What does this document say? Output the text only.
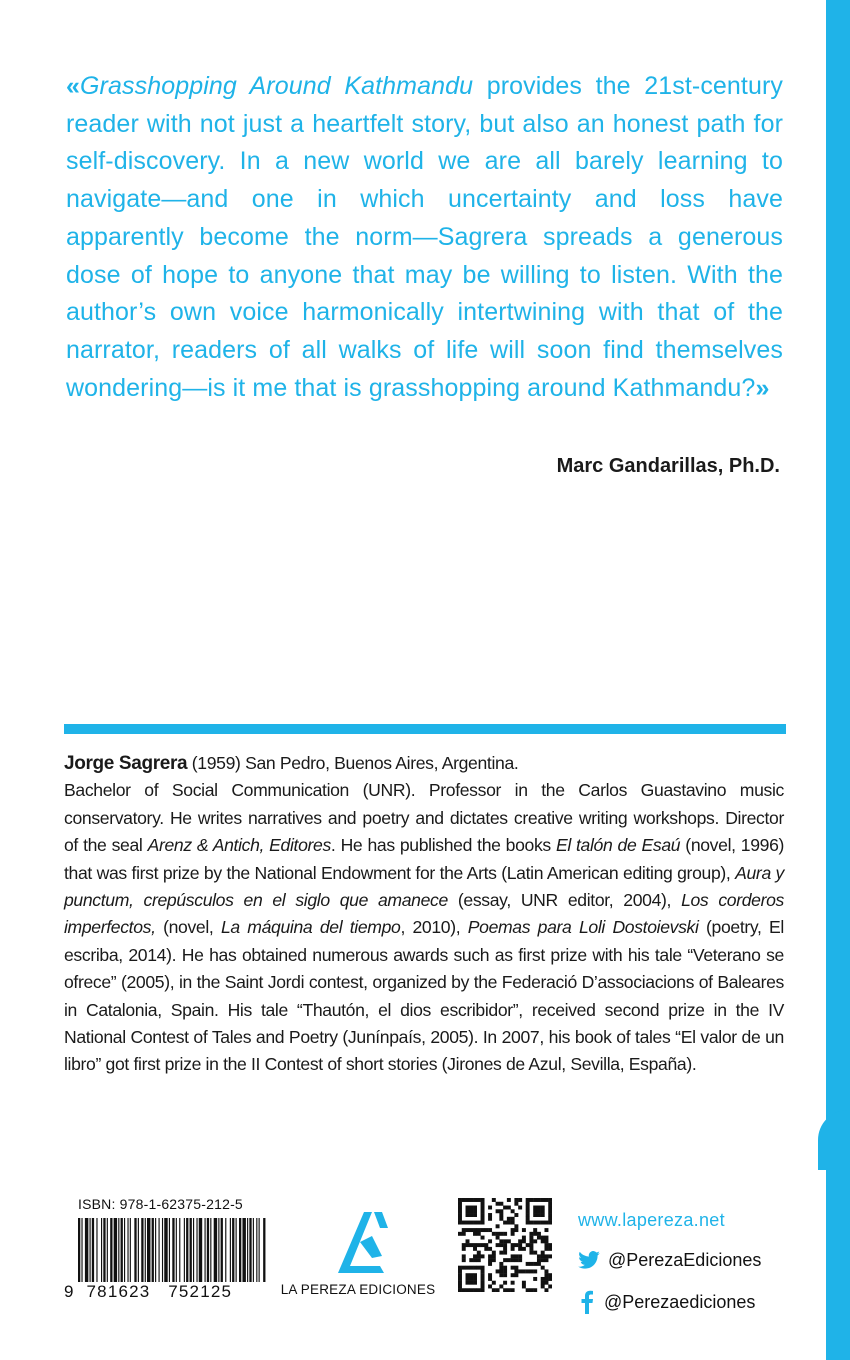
«Grasshopping Around Kathmandu provides the 21st-century reader with not just a heartfelt story, but also an honest path for self-discovery. In a new world we are all barely learning to navigate—and one in which uncertainty and loss have apparently become the norm—Sagrera spreads a generous dose of hope to anyone that may be willing to listen. With the author’s own voice harmonically intertwining with that of the narrator, readers of all walks of life will soon find themselves wondering—is it me that is grasshopping around Kathmandu?»
Marc Gandarillas, Ph.D.

Jorge Sagrera (1959) San Pedro, Buenos Aires, Argentina.

Bachelor of Social Communication (UNR). Professor in the Carlos Guastavino music conservatory. He writes narratives and poetry and dictates creative writing workshops. Director of the seal Arenz & Antich, Editores. He has published the books El talón de Esaú (novel, 1996) that was first prize by the National Endowment for the Arts (Latin American editing group), Aura y punctum, crepúsculos en el siglo que amanece (essay, UNR editor, 2004), Los corderos imperfectos, (novel, La máquina del tiempo, 2010), Poemas para Loli Dostoievski (poetry, El escriba, 2014). He has obtained numerous awards such as first prize with his tale “Veterano se ofrece” (2005), in the Saint Jordi contest, organized by the Federació D’associacions of Baleares in Catalonia, Spain. His tale “Thautón, el dios escribidor”, received second prize in the IV National Contest of Tales and Poetry (Junínpaís, 2005). In 2007, his book of tales “El valor de un libro” got first prize in the II Contest of short stories (Jirones de Azul, Sevilla, España).

ISBN: 978-1-62375-212-5
9 781623 752125	LA PEREZA EDICIONES
www.lapereza.net
@PerezaEdiciones
@Perezaediciones
